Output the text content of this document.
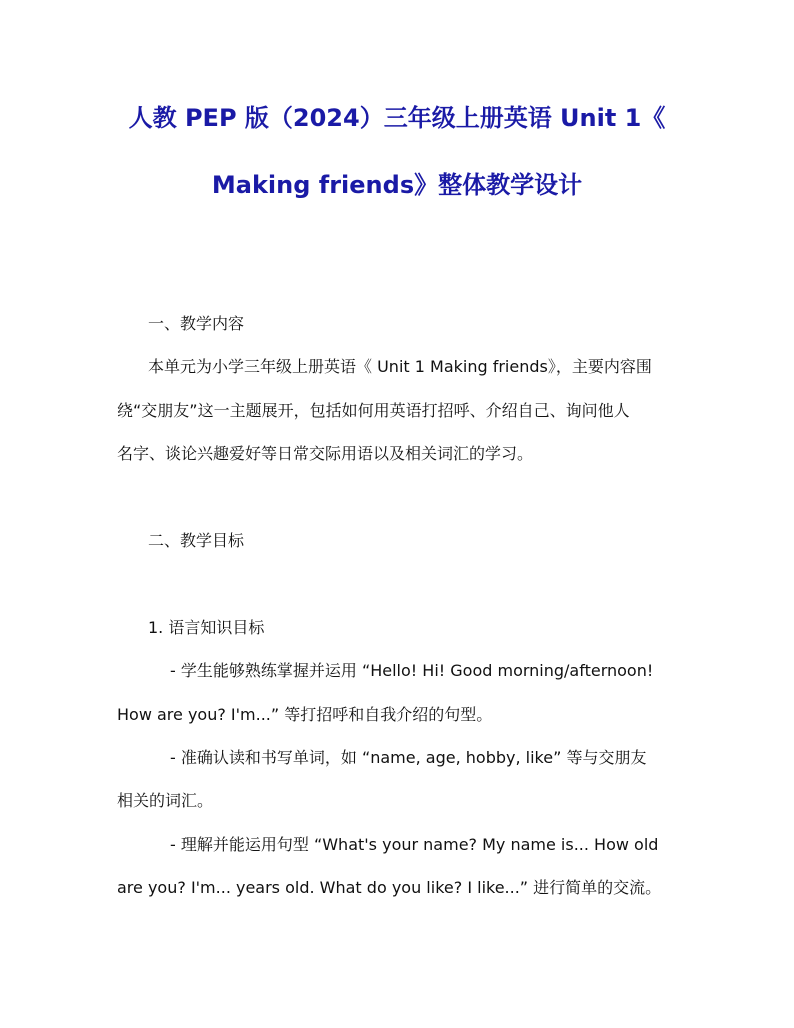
人教 PEP 版（2024）三年级上册英语 Unit 1《
Making friends》整体教学设计
一、教学内容
本单元为小学三年级上册英语《 Unit 1 Making friends》，主要内容围
绕“交朋友”这一主题展开，包括如何用英语打招呼、介绍自己、询问他人
名字、谈论兴趣爱好等日常交际用语以及相关词汇的学习。
二、教学目标
1. 语言知识目标
- 学生能够熟练掌握并运用 “Hello! Hi! Good morning/afternoon!
How are you? I'm...” 等打招呼和自我介绍的句型。
- 准确认读和书写单词，如 “name, age, hobby, like” 等与交朋友
相关的词汇。
- 理解并能运用句型 “What's your name? My name is... How old
are you? I'm... years old. What do you like? I like...” 进行简单的交流。
